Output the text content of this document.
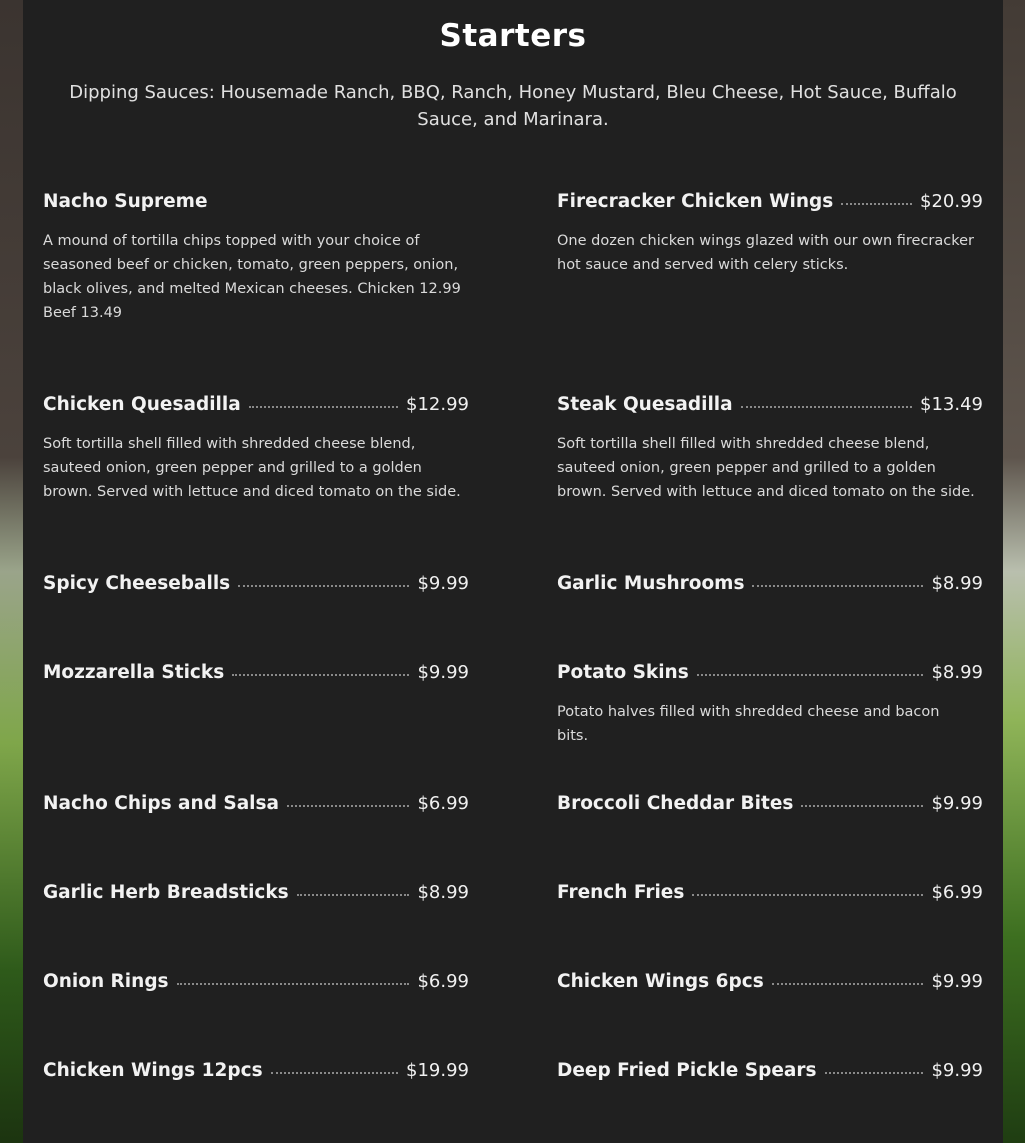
Starters

Dipping Sauces: Housemade Ranch, BBQ, Ranch, Honey Mustard, Bleu Cheese, Hot Sauce, Buffalo Sauce, and Marinara.

Nacho Supreme

A mound of tortilla chips topped with your choice of seasoned beef or chicken, tomato, green peppers, onion, black olives, and melted Mexican cheeses. Chicken 12.99 Beef 13.49

Firecracker Chicken Wings	$20.99

One dozen chicken wings glazed with our own firecracker hot sauce and served with celery sticks.

Chicken Quesadilla	$12.99

Soft tortilla shell filled with shredded cheese blend, sauteed onion, green pepper and grilled to a golden brown. Served with lettuce and diced tomato on the side.

Steak Quesadilla	$13.49

Soft tortilla shell filled with shredded cheese blend, sauteed onion, green pepper and grilled to a golden brown. Served with lettuce and diced tomato on the side.

Spicy Cheeseballs	$9.99	Garlic Mushrooms	$8.99
Mozzarella Sticks	$9.99	Potato Skins	$8.99

Potato halves filled with shredded cheese and bacon bits.

Nacho Chips and Salsa	$6.99	Broccoli Cheddar Bites	$9.99
Garlic Herb Breadsticks	$8.99	French Fries	$6.99
Onion Rings	$6.99	Chicken Wings 6pcs	$9.99
Chicken Wings 12pcs	$19.99	Deep Fried Pickle Spears	$9.99
